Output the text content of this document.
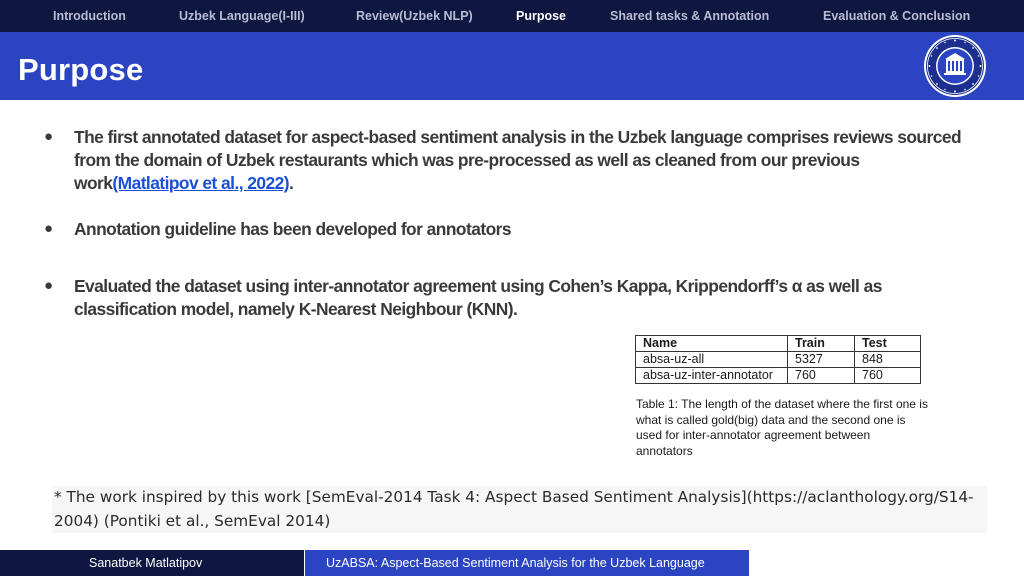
Introduction	Uzbek Language(I-III)	Review(Uzbek NLP)	Purpose	Shared tasks & Annotation	Evaluation & Conclusion
Purpose
● The first annotated dataset for aspect-based sentiment analysis in the Uzbek language comprises reviews sourced from the domain of Uzbek restaurants which was pre-processed as well as cleaned from our previous work(Matlatipov et al., 2022).
● Annotation guideline has been developed for annotators
● Evaluated the dataset using inter-annotator agreement using Cohen’s Kappa, Krippendorff’s α as well as classification model, namely K-Nearest Neighbour (KNN).
Name	Train	Test
absa-uz-all	5327	848
absa-uz-inter-annotator	760	760
Table 1: The length of the dataset where the first one is what is called gold(big) data and the second one is used for inter-annotator agreement between annotators
* The work inspired by this work [SemEval-2014 Task 4: Aspect Based Sentiment Analysis](https://aclanthology.org/S14-2004) (Pontiki et al., SemEval 2014)
Sanatbek Matlatipov	UzABSA: Aspect-Based Sentiment Analysis for the Uzbek Language
